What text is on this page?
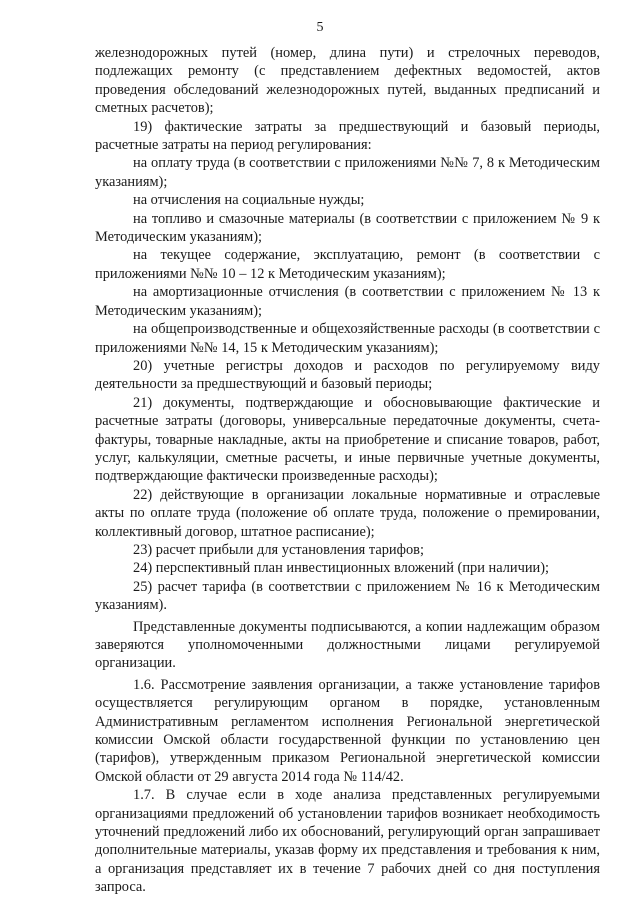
5

железнодорожных путей (номер, длина пути) и стрелочных переводов, подлежащих ремонту (с представлением дефектных ведомостей, актов проведения обследований железнодорожных путей, выданных предписаний и сметных расчетов);

19) фактические затраты за предшествующий и базовый периоды, расчетные затраты на период регулирования:

на оплату труда (в соответствии с приложениями №№ 7, 8 к Методическим указаниям);

на отчисления на социальные нужды;

на топливо и смазочные материалы (в соответствии с приложением № 9 к Методическим указаниям);

на текущее содержание, эксплуатацию, ремонт (в соответствии с приложениями №№ 10 – 12 к Методическим указаниям);

на амортизационные отчисления (в соответствии с приложением № 13 к Методическим указаниям);

на общепроизводственные и общехозяйственные расходы (в соответствии с приложениями №№ 14, 15 к Методическим указаниям);

20) учетные регистры доходов и расходов по регулируемому виду деятельности за предшествующий и базовый периоды;

21) документы, подтверждающие и обосновывающие фактические и расчетные затраты (договоры, универсальные передаточные документы, счета-фактуры, товарные накладные, акты на приобретение и списание товаров, работ, услуг, калькуляции, сметные расчеты, и иные первичные учетные документы, подтверждающие фактически произведенные расходы);

22) действующие в организации локальные нормативные и отраслевые акты по оплате труда (положение об оплате труда, положение о премировании, коллективный договор, штатное расписание);

23) расчет прибыли для установления тарифов;

24) перспективный план инвестиционных вложений (при наличии);

25) расчет тарифа (в соответствии с приложением № 16 к Методическим указаниям).

Представленные документы подписываются, а копии надлежащим образом заверяются уполномоченными должностными лицами регулируемой организации.

1.6. Рассмотрение заявления организации, а также установление тарифов осуществляется регулирующим органом в порядке, установленным Административным регламентом исполнения Региональной энергетической комиссии Омской области государственной функции по установлению цен (тарифов), утвержденным приказом Региональной энергетической комиссии Омской области от 29 августа 2014 года № 114/42.

1.7. В случае если в ходе анализа представленных регулируемыми организациями предложений об установлении тарифов возникает необходимость уточнений предложений либо их обоснований, регулирующий орган запрашивает дополнительные материалы, указав форму их представления и требования к ним, а организация представляет их в течение 7 рабочих дней со дня поступления запроса.
